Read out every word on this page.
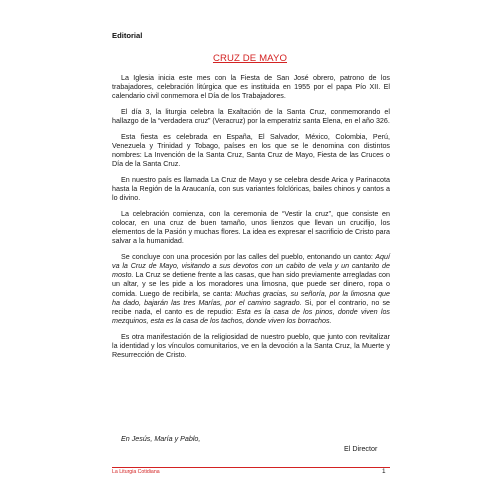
Editorial
CRUZ DE MAYO

La Iglesia inicia este mes con la Fiesta de San José obrero, patrono de los trabajadores, celebración litúrgica que es instituida en 1955 por el papa Pío XII. El calendario civil conmemora el Día de los Trabajadores.

El día 3, la liturgia celebra la Exaltación de la Santa Cruz, conmemorando el hallazgo de la “verdadera cruz” (Veracruz) por la emperatriz santa Elena, en el año 326.

Esta fiesta es celebrada en España, El Salvador, México, Colombia, Perú, Venezuela y Trinidad y Tobago, países en los que se le denomina con distintos nombres: La Invención de la Santa Cruz, Santa Cruz de Mayo, Fiesta de las Cruces o Día de la Santa Cruz.

En nuestro país es llamada La Cruz de Mayo y se celebra desde Arica y Parinacota hasta la Región de la Araucanía, con sus variantes folclóricas, bailes chinos y cantos a lo divino.

La celebración comienza, con la ceremonia de “Vestir la cruz”, que consiste en colocar, en una cruz de buen tamaño, unos lienzos que llevan un crucifijo, los elementos de la Pasión y muchas flores. La idea es expresar el sacrificio de Cristo para salvar a la humanidad.

Se concluye con una procesión por las calles del pueblo, entonando un canto: Aquí va la Cruz de Mayo, visitando a sus devotos con un cabito de vela y un cantarito de mosto. La Cruz se detiene frente a las casas, que han sido previamente arregladas con un altar, y se les pide a los moradores una limosna, que puede ser dinero, ropa o comida. Luego de recibirla, se canta: Muchas gracias, su señoría, por la limosna que ha dado, bajarán las tres Marías, por el camino sagrado. Si, por el contrario, no se recibe nada, el canto es de repudio: Esta es la casa de los pinos, donde viven los mezquinos, esta es la casa de los tachos, donde viven los borrachos.

Es otra manifestación de la religiosidad de nuestro pueblo, que junto con revitalizar la identidad y los vínculos comunitarios, ve en la devoción a la Santa Cruz, la Muerte y Resurrección de Cristo.

En Jesús, María y Pablo,
El Director
La Liturgia Cotidiana	1
